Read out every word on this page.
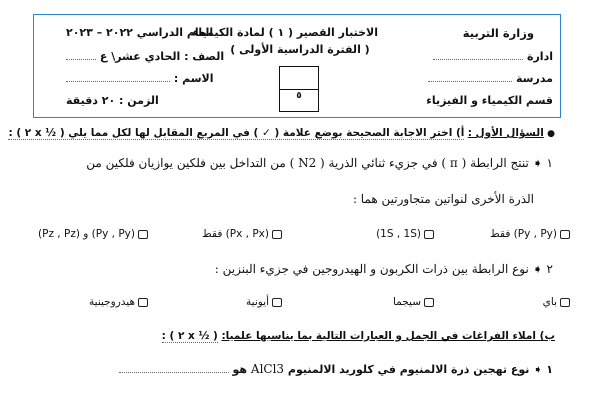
وزارة التربية
ادارة
مدرسة
قسم الكيمياء و الفيزياء
الاختبار القصير ( ١ ) لمادة الكيمياء
( الفترة الدراسية الأولى )
٥
العام الدراسي ٢٠٢٢ – ٢٠٢٣
الصف : الحادي عشر\ ع
الاسم :
الزمن : ٢٠ دقيقة
● السؤال الأول : أ) اختر الاجابة الصحيحة بوضع علامة ( ✓ ) في المربع المقابل لها لكل مما يلي ( ½ x ٢ ) :
١ ➧ تنتج الرابطة ( π ) في جزيء ثنائي الذرية ( N2 ) من التداخل بين فلكين يوازيان فلكين من
الذرة الأخرى لنواتين متجاورتين هما :
(Py , Py) فقط
(1S , 1S)
(Px , Px) فقط
(Py , Py) و (Pz , Pz)
٢ ➧ نوع الرابطة بين ذرات الكربون و الهيدروجين في جزيء البنزين :
باي
سيجما
أيونية
هيدروجينية
ب) املاء الفراغات في الجمل و العبارات التالية بما يناسبها علميا: ( ½ x ٢ ) :
١ ➧ نوع تهجين ذرة الالمنيوم في كلوريد الالمنيوم AlCl3 هو
